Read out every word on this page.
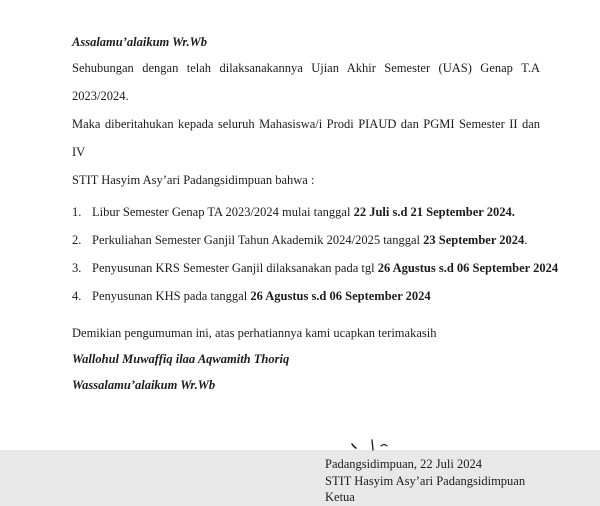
Assalamu’alaikum Wr.Wb
Sehubungan dengan telah dilaksanakannya Ujian Akhir Semester (UAS) Genap T.A 2023/2024.
Maka diberitahukan kepada seluruh Mahasiswa/i Prodi PIAUD dan PGMI Semester II dan IV
STIT Hasyim Asy’ari Padangsidimpuan bahwa :
1. Libur Semester Genap TA 2023/2024 mulai tanggal 22 Juli s.d 21 September 2024.
2. Perkuliahan Semester Ganjil Tahun Akademik 2024/2025 tanggal 23 September 2024.
3. Penyusunan KRS Semester Ganjil dilaksanakan pada tgl 26 Agustus s.d 06 September 2024
4. Penyusunan KHS pada tanggal 26 Agustus s.d 06 September 2024
Demikian pengumuman ini, atas perhatiannya kami ucapkan terimakasih
Wallohul Muwaffiq ilaa Aqwamith Thoriq
Wassalamu’alaikum Wr.Wb
Padangsidimpuan, 22 Juli 2024
STIT Hasyim Asy’ari Padangsidimpuan
Ketua
